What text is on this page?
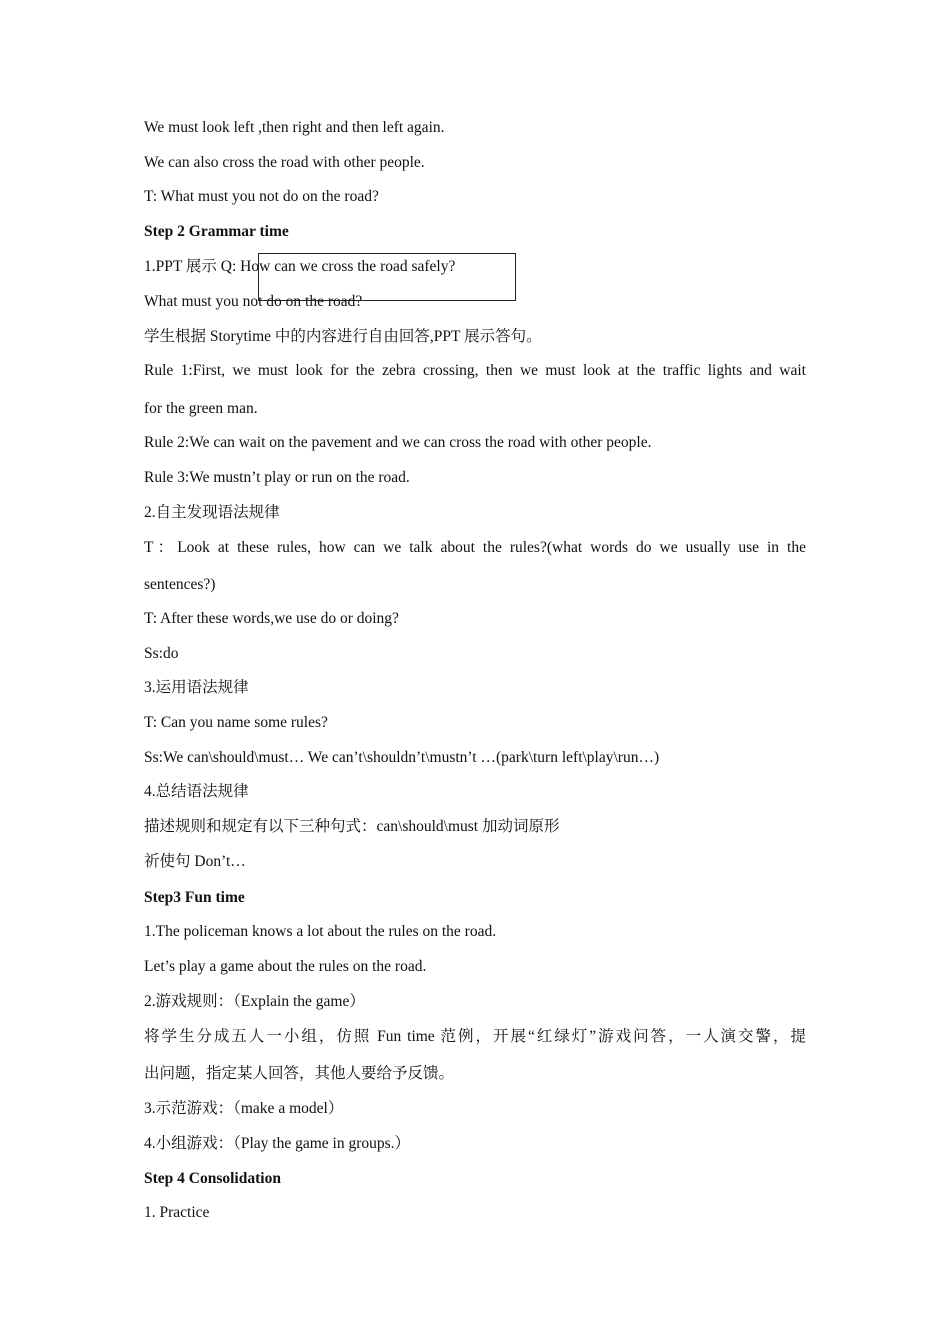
We must look left ,then right and then left again.
We can also cross the road with other people.
T: What must you not do on the road?
Step 2 Grammar time
1.PPT 展示 Q: How can we cross the road safely?
What must you not do on the road?
学生根据 Storytime 中的内容进行自由回答,PPT 展示答句。
Rule 1:First, we must look for the zebra crossing, then we must look at the traffic lights and wait
for the green man.
Rule 2:We can wait on the pavement and we can cross the road with other people.
Rule 3:We mustn’t play or run on the road.
2.自主发现语法规律
T：Look at these rules, how can we talk about the rules?(what words do we usually use in the
sentences?)
T: After these words,we use do or doing?
Ss:do
3.运用语法规律
T: Can you name some rules?
Ss:We can\should\must… We can’t\shouldn’t\mustn’t …(park\turn left\play\run…)
4.总结语法规律
描述规则和规定有以下三种句式：can\should\must 加动词原形
祈使句 Don’t…
Step3 Fun time
1.The policeman knows a lot about the rules on the road.
Let’s play a game about the rules on the road.
2.游戏规则：（Explain the game）
将学生分成五人一小组，仿照 Fun time 范例，开展“红绿灯”游戏问答，一人演交警，提
出问题，指定某人回答，其他人要给予反馈。
3.示范游戏：（make a model）
4.小组游戏：（Play the game in groups.）
Step 4 Consolidation
1. Practice
